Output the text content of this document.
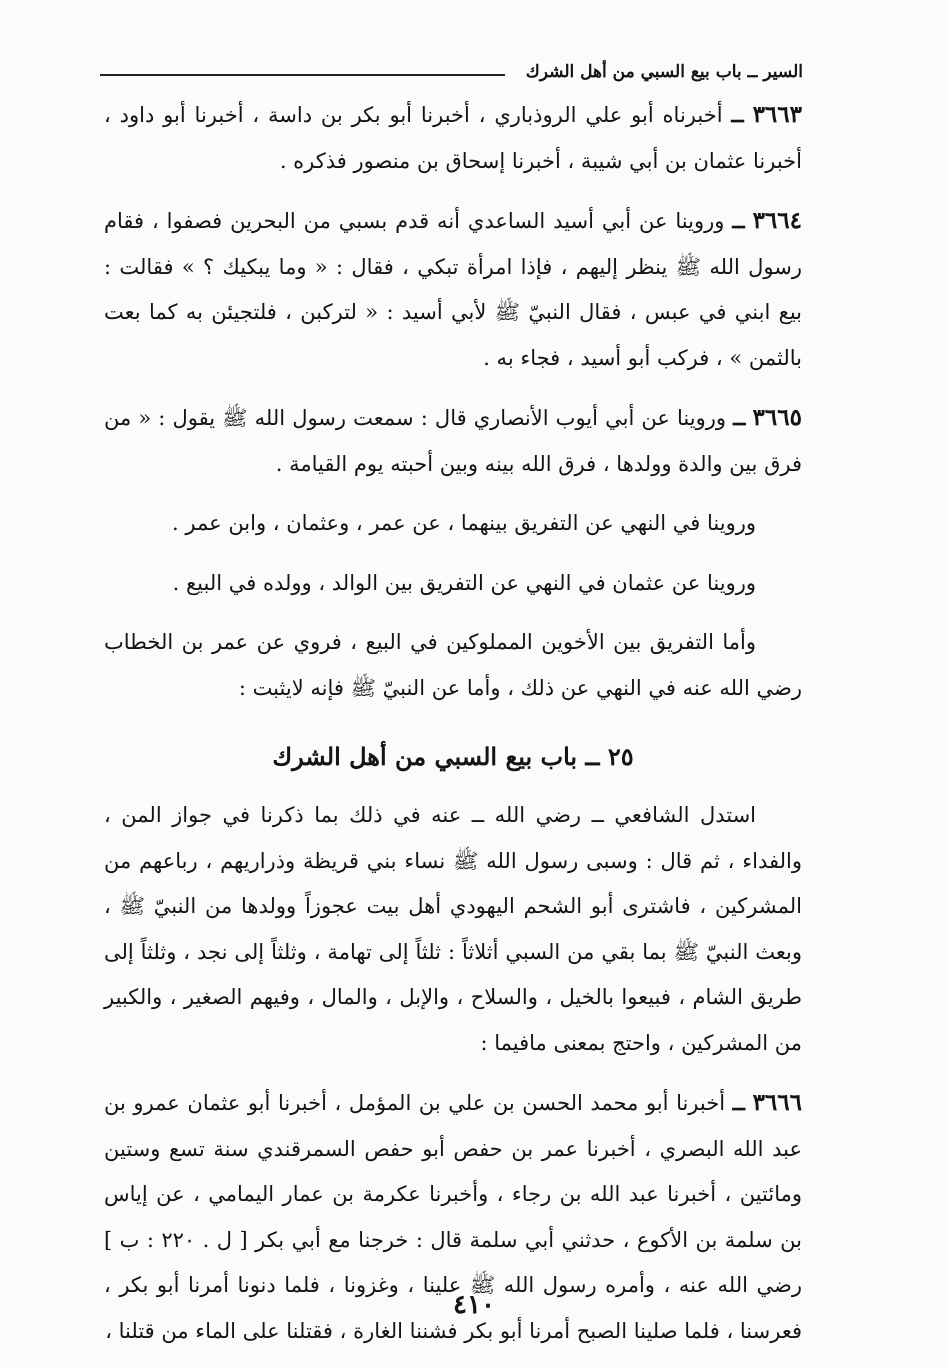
السير ــ باب بيع السبي من أهل الشرك

٣٦٦٣ ــ أخبرناه أبو علي الروذباري ، أخبرنا أبو بكر بن داسة ، أخبرنا أبو داود ، أخبرنا عثمان بن أبي شيبة ، أخبرنا إسحاق بن منصور فذكره .

٣٦٦٤ ــ وروينا عن أبي أسيد الساعدي أنه قدم بسبي من البحرين فصفوا ، فقام رسول الله ﷺ ينظر إليهم ، فإذا امرأة تبكي ، فقال : « وما يبكيك ؟ » فقالت : بيع ابني في عبس ، فقال النبيّ ﷺ لأبي أسيد : « لتركبن ، فلتجيئن به كما بعت بالثمن » ، فركب أبو أسيد ، فجاء به .

٣٦٦٥ ــ وروينا عن أبي أيوب الأنصاري قال : سمعت رسول الله ﷺ يقول : « من فرق بين والدة وولدها ، فرق الله بينه وبين أحبته يوم القيامة .

وروينا في النهي عن التفريق بينهما ، عن عمر ، وعثمان ، وابن عمر .

وروينا عن عثمان في النهي عن التفريق بين الوالد ، وولده في البيع .

وأما التفريق بين الأخوين المملوكين في البيع ، فروي عن عمر بن الخطاب رضي الله عنه في النهي عن ذلك ، وأما عن النبيّ ﷺ فإنه لايثبت :

٢٥ ــ باب بيع السبي من أهل الشرك

استدل الشافعي ــ رضي الله ــ عنه في ذلك بما ذكرنا في جواز المن ، والفداء ، ثم قال : وسبى رسول الله ﷺ نساء بني قريظة وذراريهم ، رباعهم من المشركين ، فاشترى أبو الشحم اليهودي أهل بيت عجوزاً وولدها من النبيّ ﷺ ، وبعث النبيّ ﷺ بما بقي من السبي أثلاثاً : ثلثاً إلى تهامة ، وثلثاً إلى نجد ، وثلثاً إلى طريق الشام ، فبيعوا بالخيل ، والسلاح ، والإبل ، والمال ، وفيهم الصغير ، والكبير من المشركين ، واحتج بمعنى مافيما :

٣٦٦٦ ــ أخبرنا أبو محمد الحسن بن علي بن المؤمل ، أخبرنا أبو عثمان عمرو بن عبد الله البصري ، أخبرنا عمر بن حفص أبو حفص السمرقندي سنة تسع وستين ومائتين ، أخبرنا عبد الله بن رجاء ، وأخبرنا عكرمة بن عمار اليمامي ، عن إياس بن سلمة بن الأكوع ، حدثني أبي سلمة قال : خرجنا مع أبي بكر [ ل . ٢٢٠ : ب ] رضي الله عنه ، وأمره رسول الله ﷺ علينا ، وغزونا ، فلما دنونا أمرنا أبو بكر ، فعرسنا ، فلما صلينا الصبح أمرنا أبو بكر فشننا الغارة ، فقتلنا على الماء من قتلنا ،

٤١٠
